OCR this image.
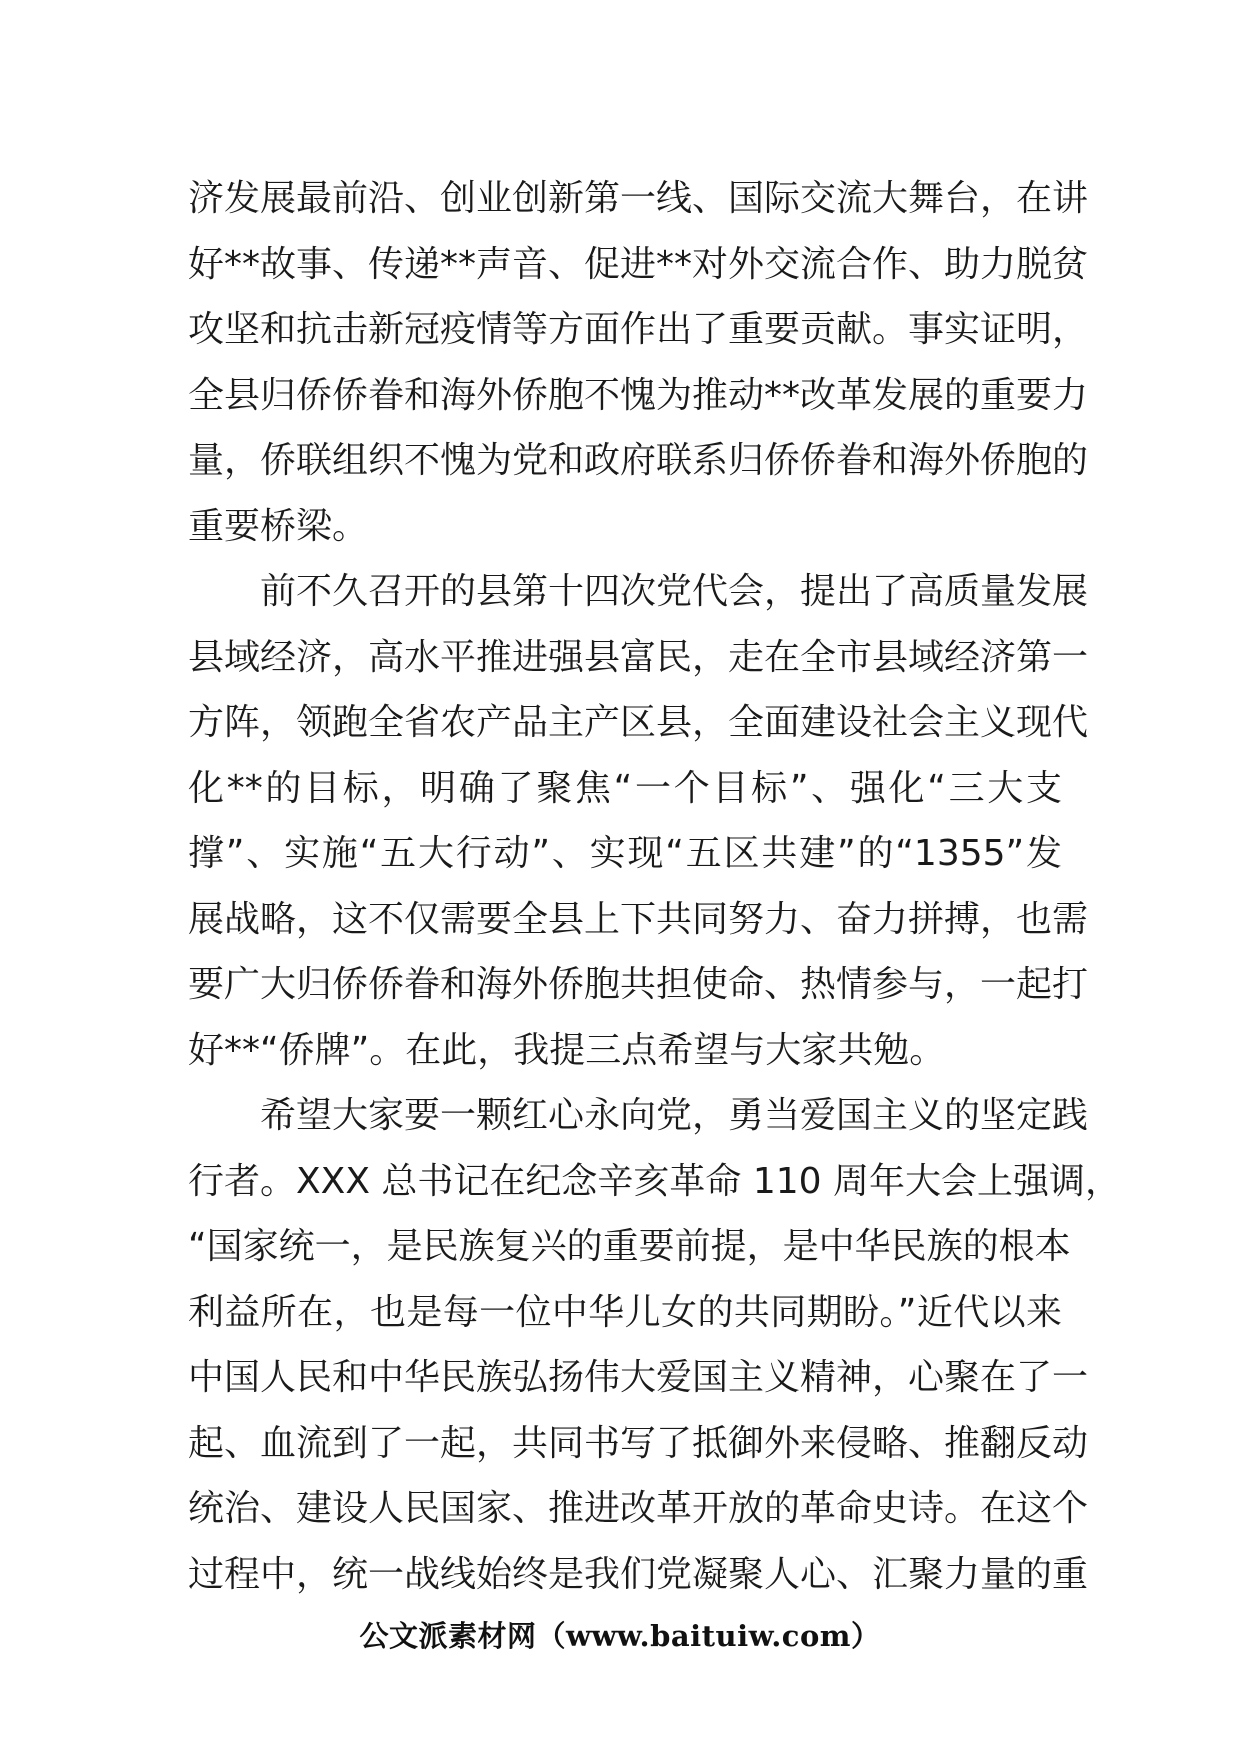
济发展最前沿、创业创新第一线、国际交流大舞台，在讲
好**故事、传递**声音、促进**对外交流合作、助力脱贫
攻坚和抗击新冠疫情等方面作出了重要贡献。事实证明，
全县归侨侨眷和海外侨胞不愧为推动**改革发展的重要力
量，侨联组织不愧为党和政府联系归侨侨眷和海外侨胞的
重要桥梁。
前不久召开的县第十四次党代会，提出了高质量发展
县域经济，高水平推进强县富民，走在全市县域经济第一
方阵，领跑全省农产品主产区县，全面建设社会主义现代
化**的目标，明确了聚焦“一个目标”、强化“三大支
撑”、实施“五大行动”、实现“五区共建”的“1355”发
展战略，这不仅需要全县上下共同努力、奋力拼搏，也需
要广大归侨侨眷和海外侨胞共担使命、热情参与，一起打
好**“侨牌”。在此，我提三点希望与大家共勉。
希望大家要一颗红心永向党，勇当爱国主义的坚定践
行者。XXX 总书记在纪念辛亥革命 110 周年大会上强调，
“国家统一，是民族复兴的重要前提，是中华民族的根本
利益所在，也是每一位中华儿女的共同期盼。”近代以来
中国人民和中华民族弘扬伟大爱国主义精神，心聚在了一
起、血流到了一起，共同书写了抵御外来侵略、推翻反动
统治、建设人民国家、推进改革开放的革命史诗。在这个
过程中，统一战线始终是我们党凝聚人心、汇聚力量的重
公文派素材网（www.baituiw.com）
